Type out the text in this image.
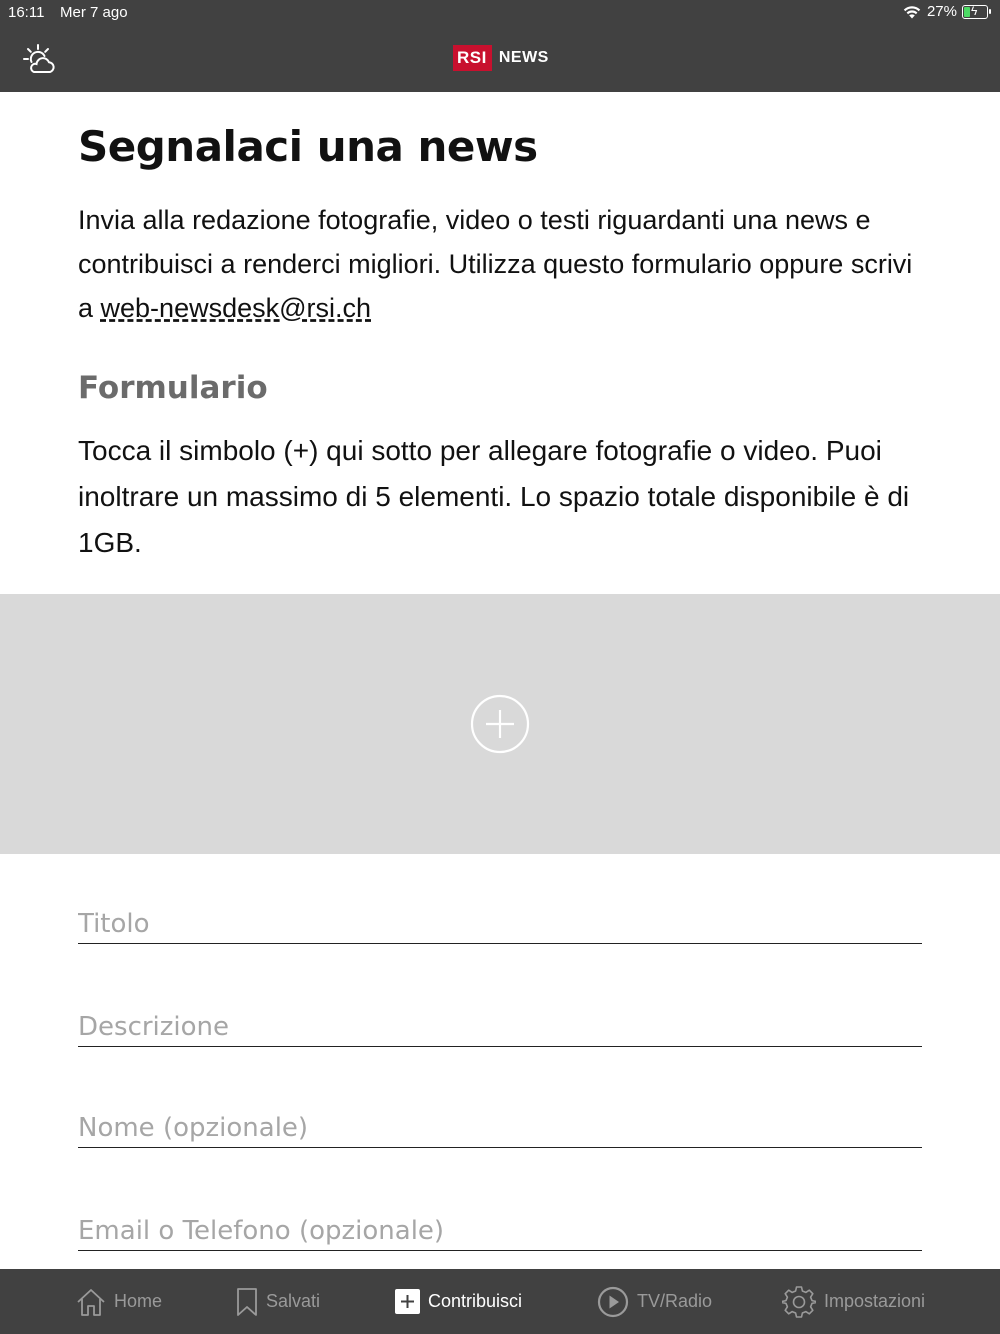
16:11 Mer 7 ago	27% ϟ
RSI NEWS
Segnalaci una news

Invia alla redazione fotografie, video o testi riguardanti una news e contribuisci a renderci migliori. Utilizza questo formulario oppure scrivi a web-newsdesk@rsi.ch

Formulario

Tocca il simbolo (+) qui sotto per allegare fotografie o video. Puoi inoltrare un massimo di 5 elementi. Lo spazio totale disponibile è di 1GB.

Titolo
Descrizione
Nome (opzionale)
Email o Telefono (opzionale)
Home	Salvati	Contribuisci	TV/Radio	Impostazioni
